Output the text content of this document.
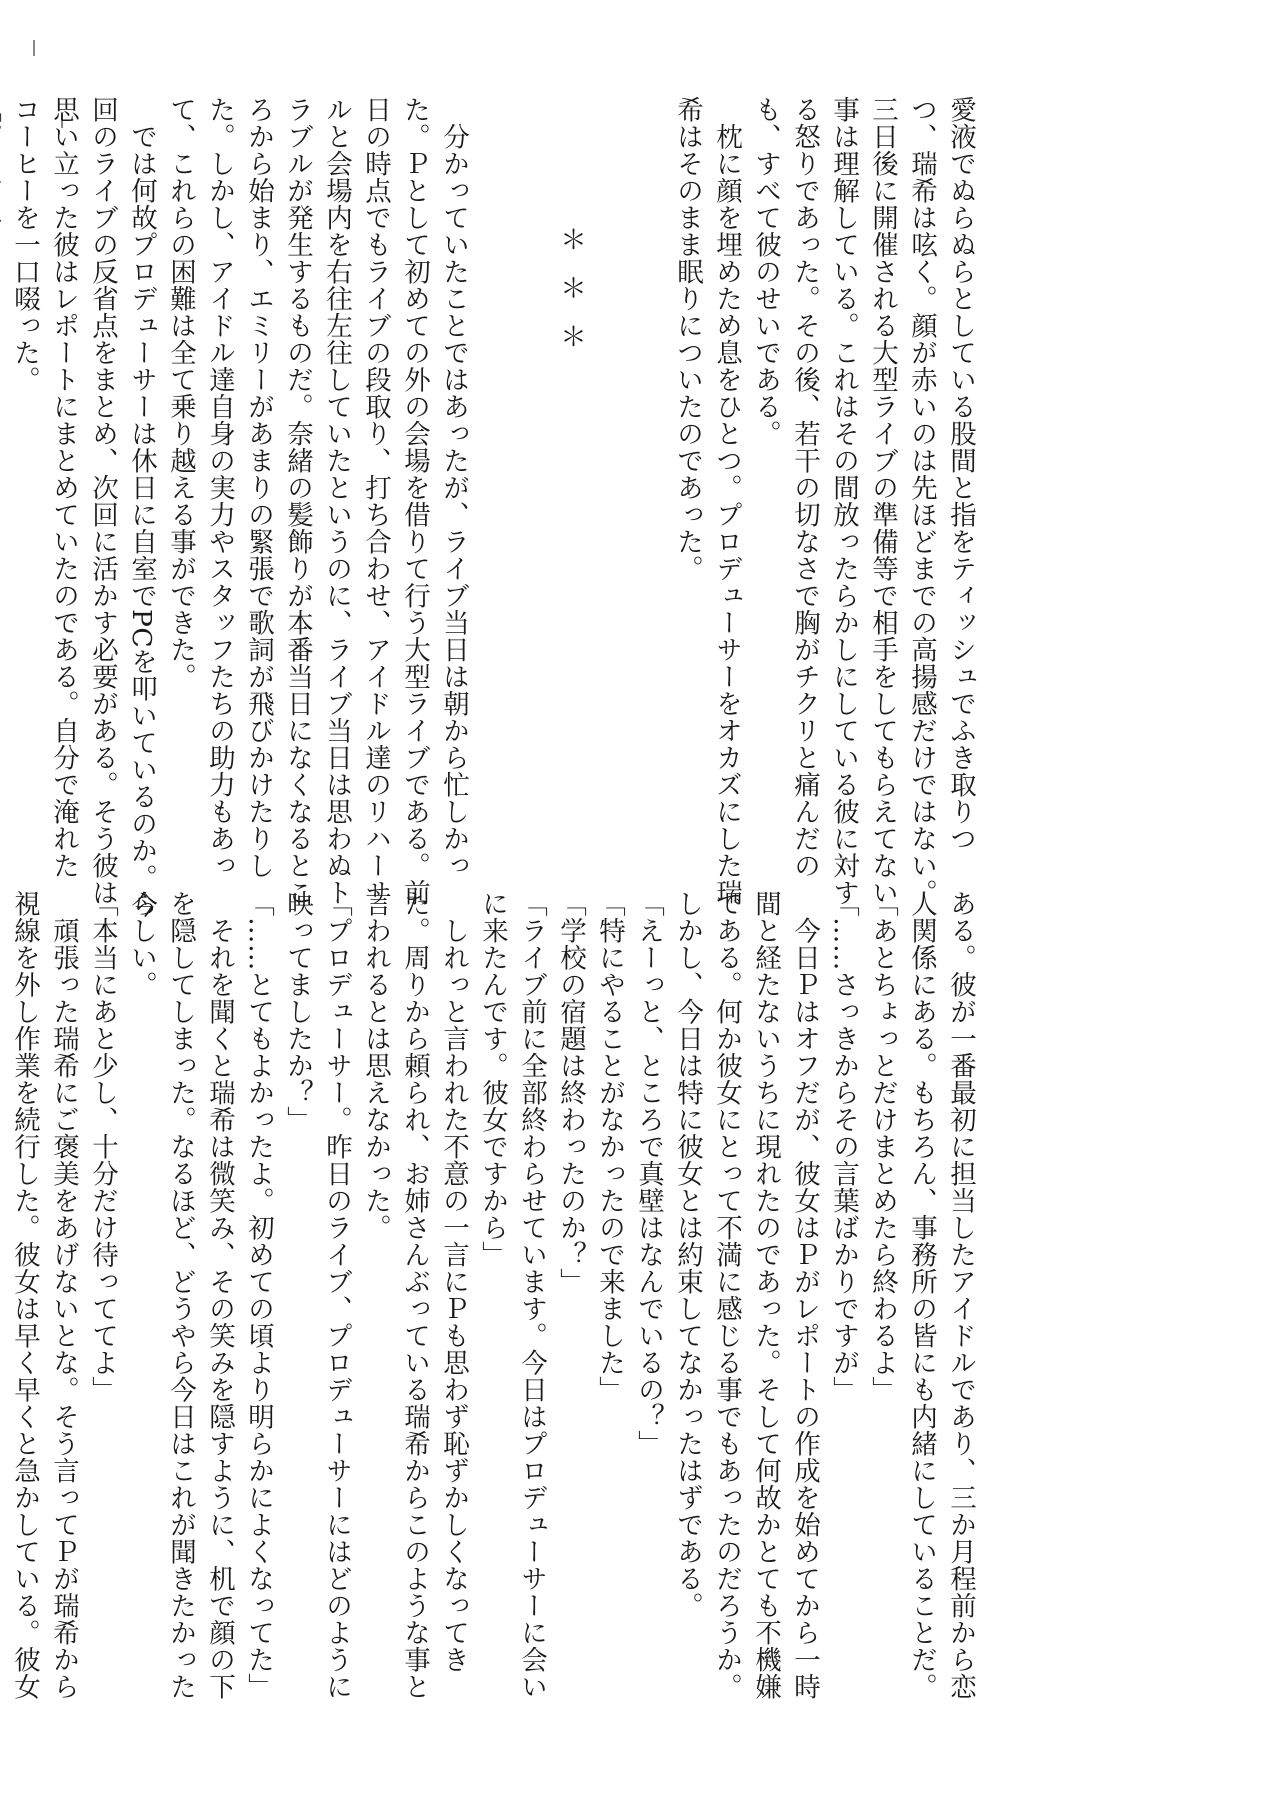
愛液でぬらぬらとしている股間と指をティッシュでふき取りつ
つ、瑞希は呟く。顔が赤いのは先ほどまでの高揚感だけではない。
三日後に開催される大型ライブの準備等で相手をしてもらえてない
事は理解している。これはその間放ったらかしにしている彼に対す
る怒りであった。その後、若干の切なさで胸がチクリと痛んだの
も、すべて彼のせいである。
　枕に顔を埋めため息をひとつ。プロデューサーをオカズにした瑞
希はそのまま眠りについたのであった。

＊＊＊

　分かっていたことではあったが、ライブ当日は朝から忙しかっ
た。Ｐとして初めての外の会場を借りて行う大型ライブである。前
日の時点でもライブの段取り、打ち合わせ、アイドル達のリハーサ
ルと会場内を右往左往していたというのに、ライブ当日は思わぬト
ラブルが発生するものだ。奈緒の髪飾りが本番当日になくなるとこ
ろから始まり、エミリーがあまりの緊張で歌詞が飛びかけたりし
た。しかし、アイドル達自身の実力やスタッフたちの助力もあっ
て、これらの困難は全て乗り越える事ができた。
　では何故プロデューサーは休日に自室でPCを叩いているのか。今
回のライブの反省点をまとめ、次回に活かす必要がある。そう彼は
思い立った彼はレポートにまとめていたのである。自分で淹れた
コーヒーを一口啜った。
ある。彼が一番最初に担当したアイドルであり、三か月程前から恋
人関係にある。もちろん、事務所の皆にも内緒にしていることだ。
「あとちょっとだけまとめたら終わるよ」
「……さっきからその言葉ばかりですが」
　今日Ｐはオフだが、彼女はＰがレポートの作成を始めてから一時
間と経たないうちに現れたのであった。そして何故かとても不機嫌
である。何か彼女にとって不満に感じる事でもあったのだろうか。
しかし、今日は特に彼女とは約束してなかったはずである。
「えーっと、ところで真壁はなんでいるの？」
「特にやることがなかったので来ました」
「学校の宿題は終わったのか？」
「ライブ前に全部終わらせています。今日はプロデューサーに会い
に来たんです。彼女ですから」
　しれっと言われた不意の一言にＰも思わず恥ずかしくなってき
た。周りから頼られ、お姉さんぶっている瑞希からこのような事と
言われるとは思えなかった。
「プロデューサー。昨日のライブ、プロデューサーにはどのように
映ってましたか？」
「……とてもよかったよ。初めての頃より明らかによくなってた」
　それを聞くと瑞希は微笑み、その笑みを隠すように、机で顔の下
を隠してしまった。なるほど、どうやら今日はこれが聞きたかった
らしい。
「本当にあと少し、十分だけ待っててよ」
　頑張った瑞希にご褒美をあげないとな。そう言ってＰが瑞希から
視線を外し作業を続行した。彼女は早く早くと急かしている。彼女
